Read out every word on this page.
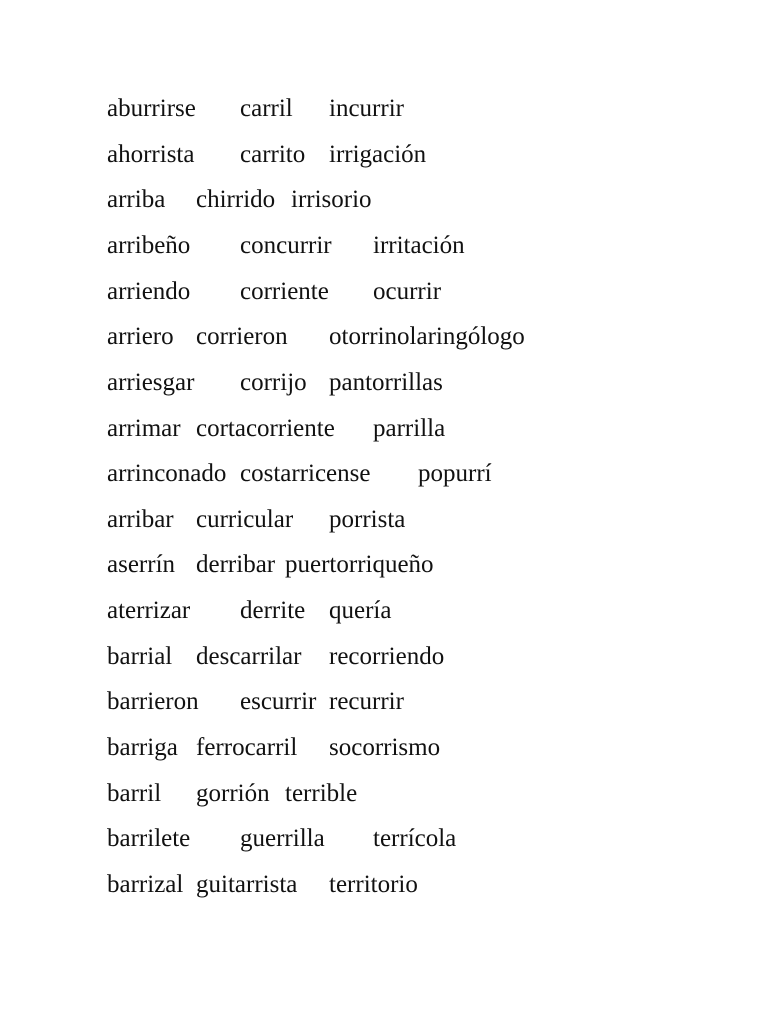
aburrirse carril incurrir
ahorrista carrito irrigación
arriba chirrido irrisorio
arribeño concurrir irritación
arriendo corriente ocurrir
arriero corrieron otorrinolaringólogo
arriesgar corrijo pantorrillas
arrimar cortacorriente parrilla
arrinconado costarricense popurrí
arribar curricular porrista
aserrín derribar puertorriqueño
aterrizar derrite quería
barrial descarrilar recorriendo
barrieron escurrir recurrir
barriga ferrocarril socorrismo
barril gorrión terrible
barrilete guerrilla terrícola
barrizal guitarrista territorio
